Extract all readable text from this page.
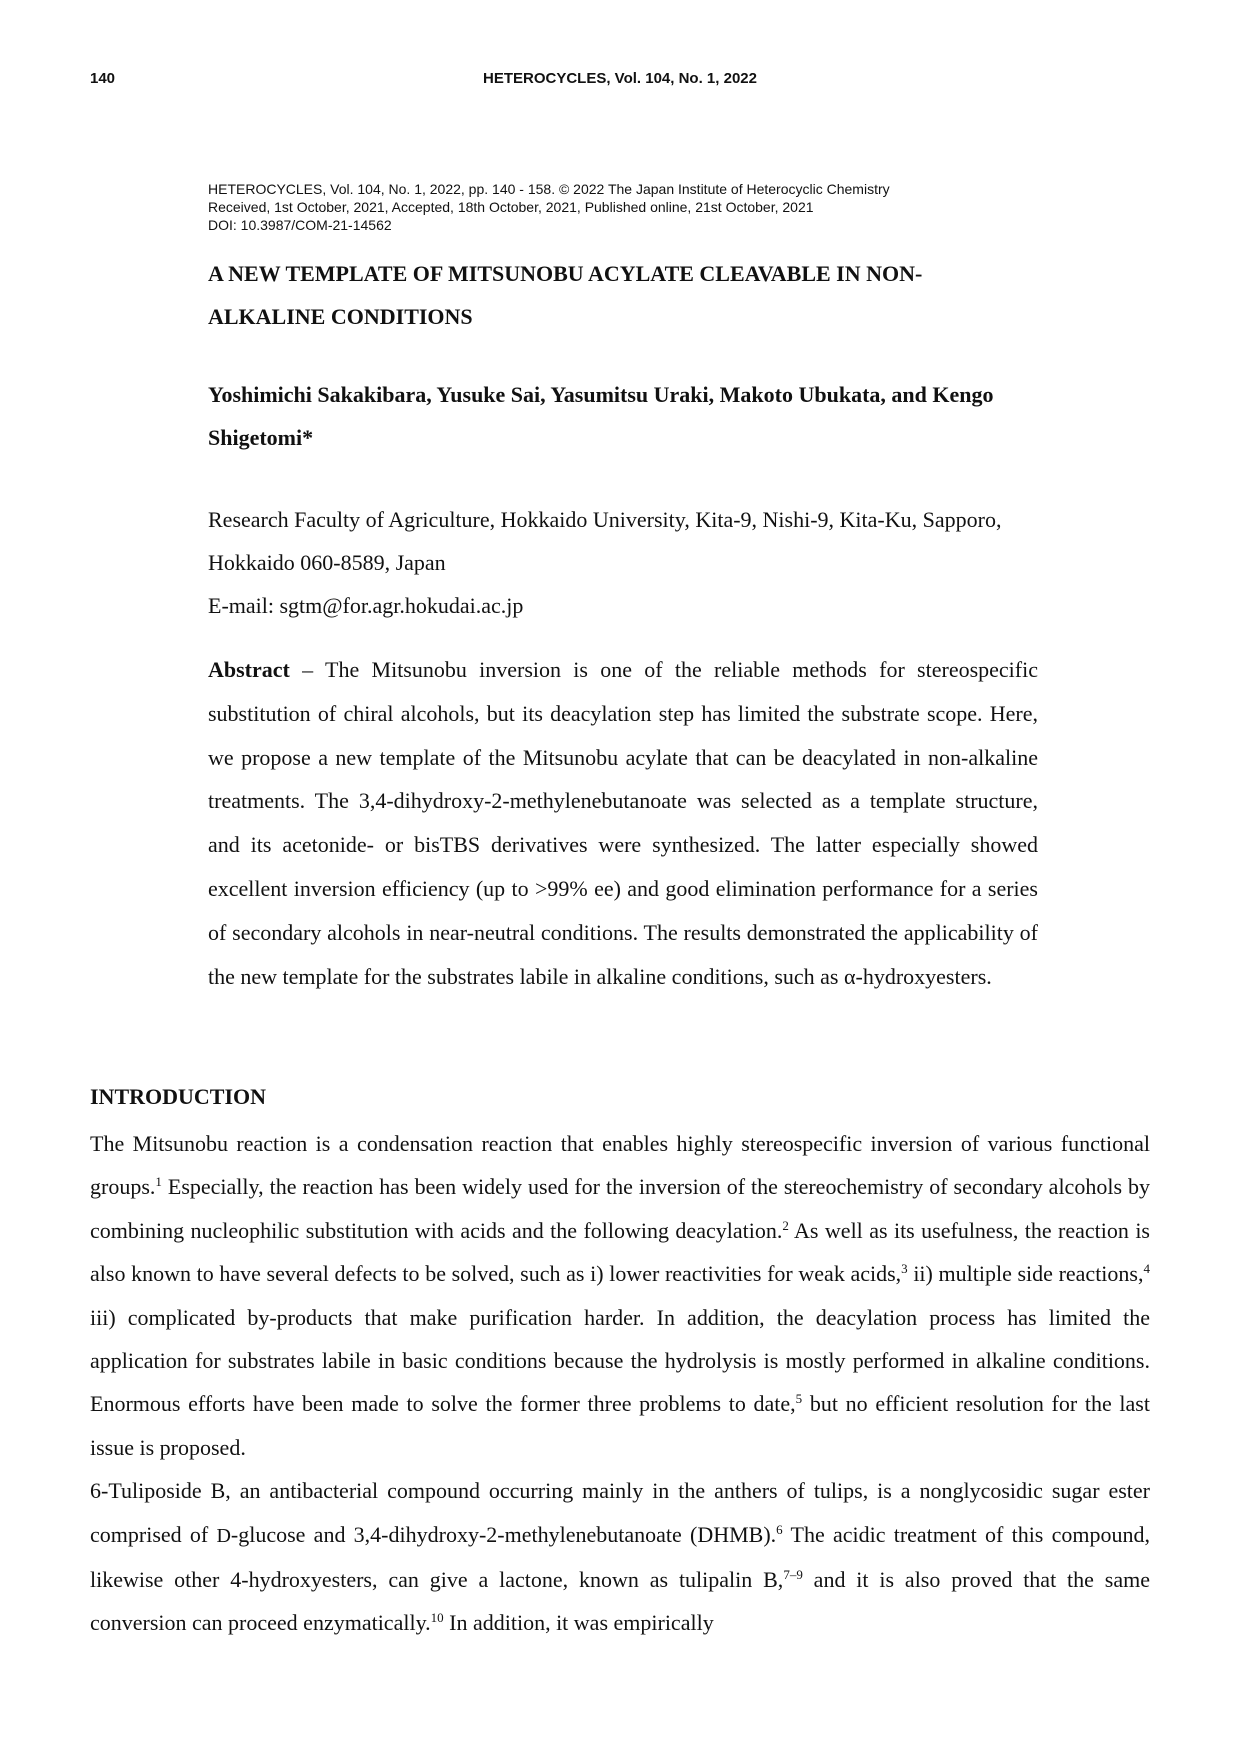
140	HETEROCYCLES, Vol. 104, No. 1, 2022
HETEROCYCLES, Vol. 104, No. 1, 2022, pp. 140 - 158. © 2022 The Japan Institute of Heterocyclic Chemistry
Received, 1st October, 2021, Accepted, 18th October, 2021, Published online, 21st October, 2021
DOI: 10.3987/COM-21-14562
A NEW TEMPLATE OF MITSUNOBU ACYLATE CLEAVABLE IN NON-ALKALINE CONDITIONS
Yoshimichi Sakakibara, Yusuke Sai, Yasumitsu Uraki, Makoto Ubukata, and Kengo Shigetomi*
Research Faculty of Agriculture, Hokkaido University, Kita-9, Nishi-9, Kita-Ku, Sapporo, Hokkaido 060-8589, Japan
E-mail: sgtm@for.agr.hokudai.ac.jp
Abstract – The Mitsunobu inversion is one of the reliable methods for stereospecific substitution of chiral alcohols, but its deacylation step has limited the substrate scope. Here, we propose a new template of the Mitsunobu acylate that can be deacylated in non-alkaline treatments. The 3,4-dihydroxy-2-methylenebutanoate was selected as a template structure, and its acetonide- or bisTBS derivatives were synthesized. The latter especially showed excellent inversion efficiency (up to >99% ee) and good elimination performance for a series of secondary alcohols in near-neutral conditions. The results demonstrated the applicability of the new template for the substrates labile in alkaline conditions, such as α-hydroxyesters.
INTRODUCTION

The Mitsunobu reaction is a condensation reaction that enables highly stereospecific inversion of various functional groups.$^1$ Especially, the reaction has been widely used for the inversion of the stereochemistry of secondary alcohols by combining nucleophilic substitution with acids and the following deacylation.$^2$ As well as its usefulness, the reaction is also known to have several defects to be solved, such as i) lower reactivities for weak acids,$^3$ ii) multiple side reactions,$^4$ iii) complicated by-products that make purification harder. In addition, the deacylation process has limited the application for substrates labile in basic conditions because the hydrolysis is mostly performed in alkaline conditions. Enormous efforts have been made to solve the former three problems to date,$^5$ but no efficient resolution for the last issue is proposed.

6-Tuliposide B, an antibacterial compound occurring mainly in the anthers of tulips, is a nonglycosidic sugar ester comprised of D-glucose and 3,4-dihydroxy-2-methylenebutanoate (DHMB).$^6$ The acidic treatment of this compound, likewise other 4-hydroxyesters, can give a lactone, known as tulipalin B,$^{7-9}$ and it is also proved that the same conversion can proceed enzymatically.$^{10}$ In addition, it was empirically
